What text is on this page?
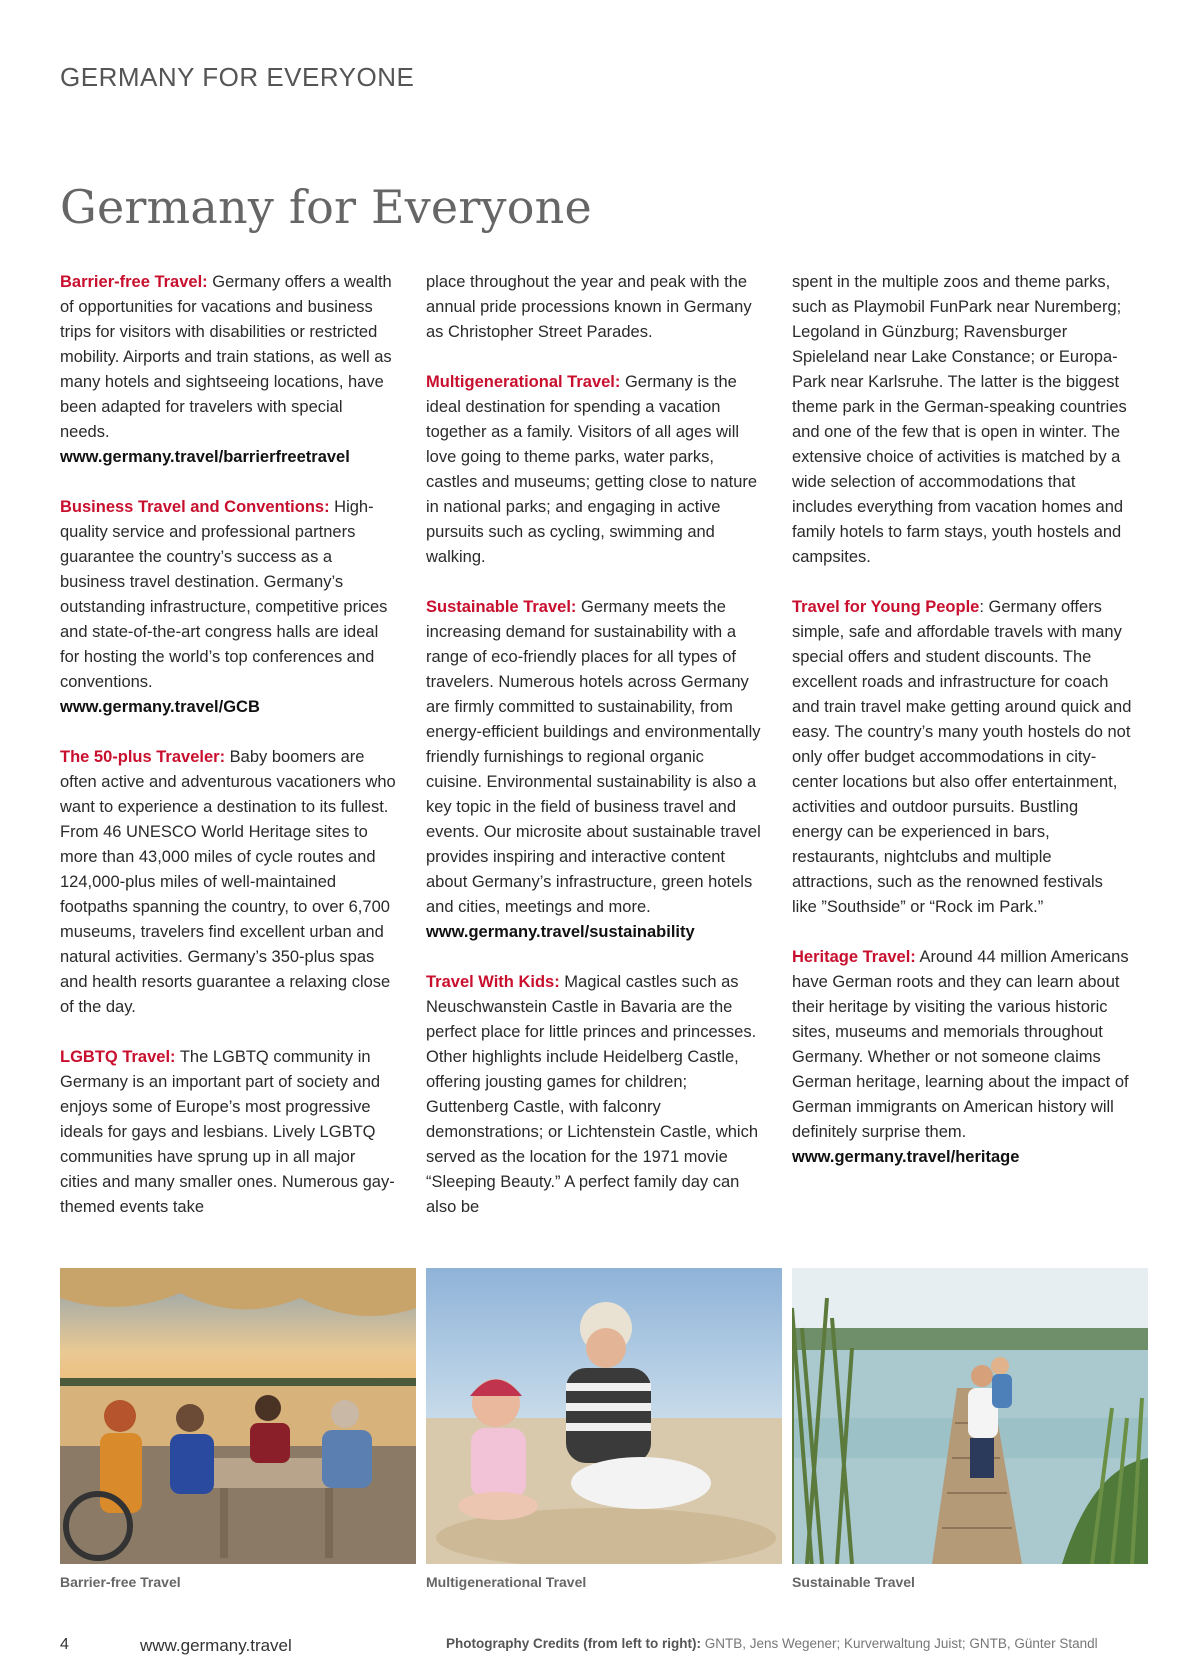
GERMANY FOR EVERYONE
Germany for Everyone

Barrier-free Travel: Germany offers a wealth of opportunities for vacations and business trips for visitors with disabilities or restricted mobility. Airports and train stations, as well as many hotels and sightseeing locations, have been adapted for travelers with special needs.
www.germany.travel/barrierfreetravel

Business Travel and Conventions: High-quality service and professional partners guarantee the country’s success as a business travel destination. Germany’s outstanding infrastructure, competitive prices and state-of-the-art congress halls are ideal for hosting the world’s top conferences and conventions.
www.germany.travel/GCB

The 50-plus Traveler: Baby boomers are often active and adventurous vacationers who want to experience a destination to its fullest. From 46 UNESCO World Heritage sites to more than 43,000 miles of cycle routes and 124,000-plus miles of well-maintained footpaths spanning the country, to over 6,700 museums, travelers find excellent urban and natural activities. Germany’s 350-plus spas and health resorts guarantee a relaxing close of the day.

LGBTQ Travel: The LGBTQ community in Germany is an important part of society and enjoys some of Europe’s most progressive ideals for gays and lesbians. Lively LGBTQ communities have sprung up in all major cities and many smaller ones. Numerous gay-themed events take

place throughout the year and peak with the annual pride processions known in Germany as Christopher Street Parades.

Multigenerational Travel: Germany is the ideal destination for spending a vacation together as a family. Visitors of all ages will love going to theme parks, water parks, castles and museums; getting close to nature in national parks; and engaging in active pursuits such as cycling, swimming and walking.

Sustainable Travel: Germany meets the increasing demand for sustainability with a range of eco-friendly places for all types of travelers. Numerous hotels across Germany are firmly committed to sustainability, from energy-efficient buildings and environmentally friendly furnishings to regional organic cuisine. Environmental sustainability is also a key topic in the field of business travel and events. Our microsite about sustainable travel provides inspiring and interactive content about Germany’s infrastructure, green hotels and cities, meetings and more.
www.germany.travel/sustainability

Travel With Kids: Magical castles such as Neuschwanstein Castle in Bavaria are the perfect place for little princes and princesses. Other highlights include Heidelberg Castle, offering jousting games for children; Guttenberg Castle, with falconry demonstrations; or Lichtenstein Castle, which served as the location for the 1971 movie “Sleeping Beauty.” A perfect family day can also be

spent in the multiple zoos and theme parks, such as Playmobil FunPark near Nuremberg; Legoland in Günzburg; Ravensburger Spieleland near Lake Constance; or Europa-Park near Karlsruhe. The latter is the biggest theme park in the German-speaking countries and one of the few that is open in winter. The extensive choice of activities is matched by a wide selection of accommodations that includes everything from vacation homes and family hotels to farm stays, youth hostels and campsites.

Travel for Young People: Germany offers simple, safe and affordable travels with many special offers and student discounts. The excellent roads and infrastructure for coach and train travel make getting around quick and easy. The country’s many youth hostels do not only offer budget accommodations in city-center locations but also offer entertainment, activities and outdoor pursuits. Bustling energy can be experienced in bars, restaurants, nightclubs and multiple attractions, such as the renowned festivals like ”Southside” or “Rock im Park.”

Heritage Travel: Around 44 million Americans have German roots and they can learn about their heritage by visiting the various historic sites, museums and memorials throughout Germany. Whether or not someone claims German heritage, learning about the impact of German immigrants on American history will definitely surprise them.
www.germany.travel/heritage

Barrier-free Travel	Multigenerational Travel	Sustainable Travel
4	www.germany.travel	Photography Credits (from left to right): GNTB, Jens Wegener; Kurverwaltung Juist; GNTB, Günter Standl
